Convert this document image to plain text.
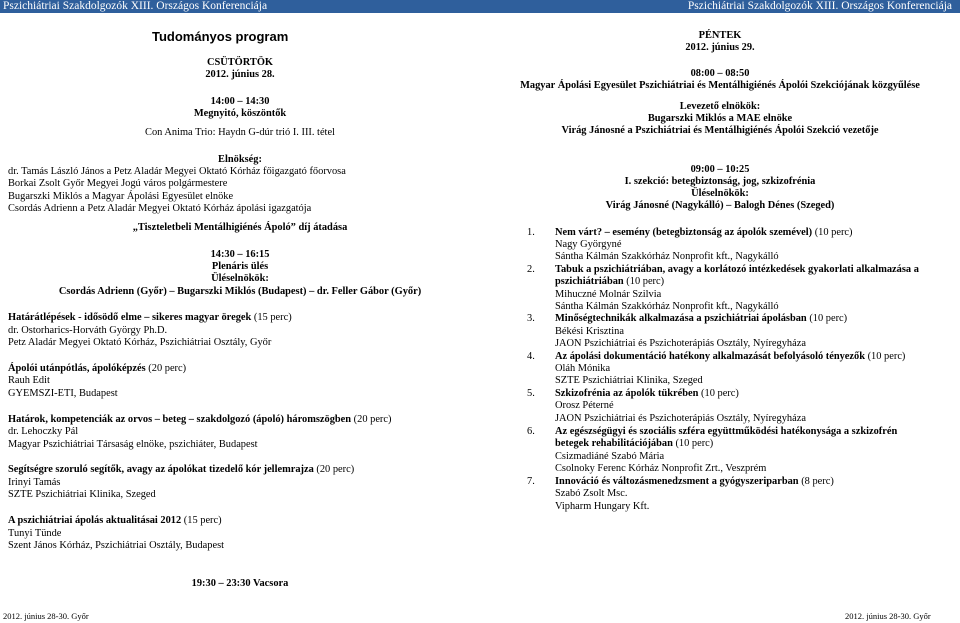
Pszichiátriai Szakdolgozók XIII. Országos Konferenciája	Pszichiátriai Szakdolgozók XIII. Országos Konferenciája
Tudományos program
CSÜTÖRTÖK
2012. június 28.
14:00 – 14:30
Megnyitó, köszöntők
Con Anima Trio: Haydn G-dúr trió I. III. tétel
Elnökség:
dr. Tamás László János a Petz Aladár Megyei Oktató Kórház főigazgató főorvosa
Borkai Zsolt Győr Megyei Jogú város polgármestere
Bugarszki Miklós a Magyar Ápolási Egyesület elnöke
Csordás Adrienn a Petz Aladár Megyei Oktató Kórház ápolási igazgatója
„Tiszteletbeli Mentálhigiénés Ápoló” díj átadása
14:30 – 16:15
Plenáris ülés
Üléselnökök:
Csordás Adrienn (Győr) – Bugarszki Miklós (Budapest) – dr. Feller Gábor (Győr)
Határátlépések - idősödő elme – sikeres magyar öregek (15 perc)
dr. Ostorharics-Horváth György Ph.D.
Petz Aladár Megyei Oktató Kórház, Pszichiátriai Osztály, Győr
Ápolói utánpótlás, ápolóképzés (20 perc)
Rauh Edit
GYEMSZI-ETI, Budapest
Határok, kompetenciák az orvos – beteg – szakdolgozó (ápoló) háromszögben (20 perc)
dr. Lehoczky Pál
Magyar Pszichiátriai Társaság elnöke, pszichiáter, Budapest
Segítségre szoruló segítők, avagy az ápolókat tizedelő kór jellemrajza (20 perc)
Irinyi Tamás
SZTE Pszichiátriai Klinika, Szeged
A pszichiátriai ápolás aktualitásai 2012 (15 perc)
Tunyi Tünde
Szent János Kórház, Pszichiátriai Osztály, Budapest
19:30 – 23:30 Vacsora
PÉNTEK
2012. június 29.
08:00 – 08:50
Magyar Ápolási Egyesület Pszichiátriai és Mentálhigiénés Ápolói Szekciójának közgyűlése
Levezető elnökök:
Bugarszki Miklós a MAE elnöke
Virág Jánosné a Pszichiátriai és Mentálhigiénés Ápolói Szekció vezetője
09:00 – 10:25
I. szekció: betegbiztonság, jog, szkizofrénia
Üléselnökök:
Virág Jánosné (Nagykálló) – Balogh Dénes (Szeged)
1. Nem várt? – esemény (betegbiztonság az ápolók szemével) (10 perc)
Nagy Györgyné
Sántha Kálmán Szakkórház Nonprofit kft., Nagykálló
2. Tabuk a pszichiátriában, avagy a korlátozó intézkedések gyakorlati alkalmazása a
pszichiátriában (10 perc)
Mihuczné Molnár Szilvia
Sántha Kálmán Szakkórház Nonprofit kft., Nagykálló
3. Minőségtechnikák alkalmazása a pszichiátriai ápolásban (10 perc)
Békési Krisztina
JAON Pszichiátriai és Pszichoterápiás Osztály, Nyíregyháza
4. Az ápolási dokumentáció hatékony alkalmazását befolyásoló tényezők (10 perc)
Oláh Mónika
SZTE Pszichiátriai Klinika, Szeged
5. Szkizofrénia az ápolók tükrében (10 perc)
Orosz Péterné
JAON Pszichiátriai és Pszichoterápiás Osztály, Nyíregyháza
6. Az egészségügyi és szociális szféra együttműködési hatékonysága a szkizofrén
betegek rehabilitációjában (10 perc)
Csizmadiáné Szabó Mária
Csolnoky Ferenc Kórház Nonprofit Zrt., Veszprém
7. Innováció és változásmenedzsment a gyógyszeriparban (8 perc)
Szabó Zsolt Msc.
Vipharm Hungary Kft.
2012. június 28-30. Győr	2012. június 28-30. Győr
